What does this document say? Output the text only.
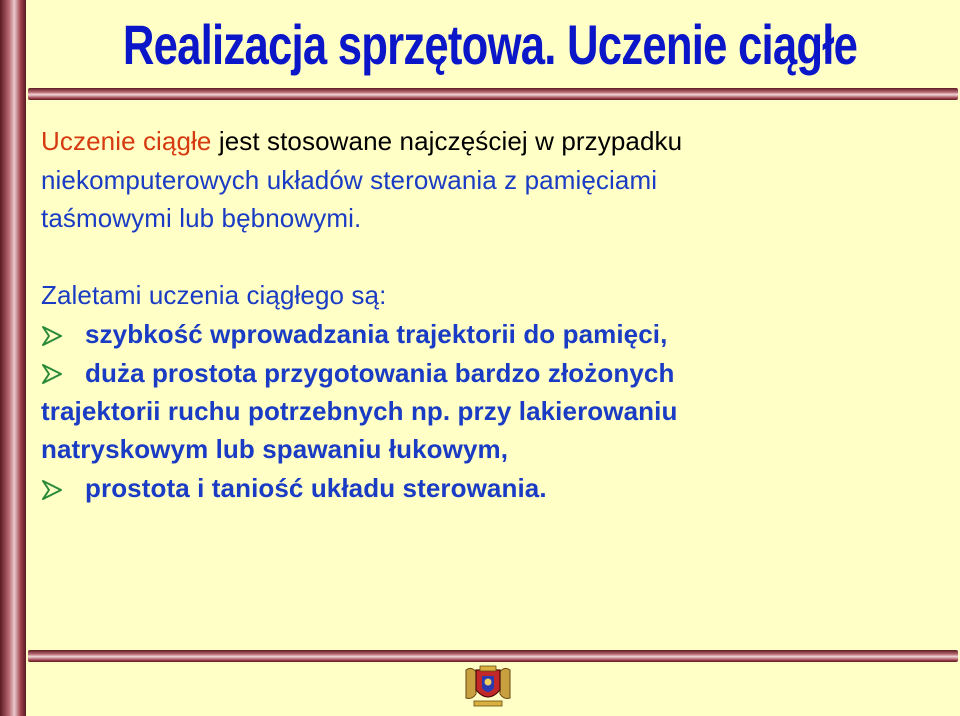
Realizacja sprzętowa. Uczenie ciągłe
Uczenie ciągłe jest stosowane najczęściej w przypadku
niekomputerowych układów sterowania z pamięciami
taśmowymi lub bębnowymi.
Zaletami uczenia ciągłego są:
szybkość wprowadzania trajektorii do pamięci,
duża prostota przygotowania bardzo złożonych
trajektorii ruchu potrzebnych np. przy lakierowaniu
natryskowym lub spawaniu łukowym,
prostota i taniość układu sterowania.
